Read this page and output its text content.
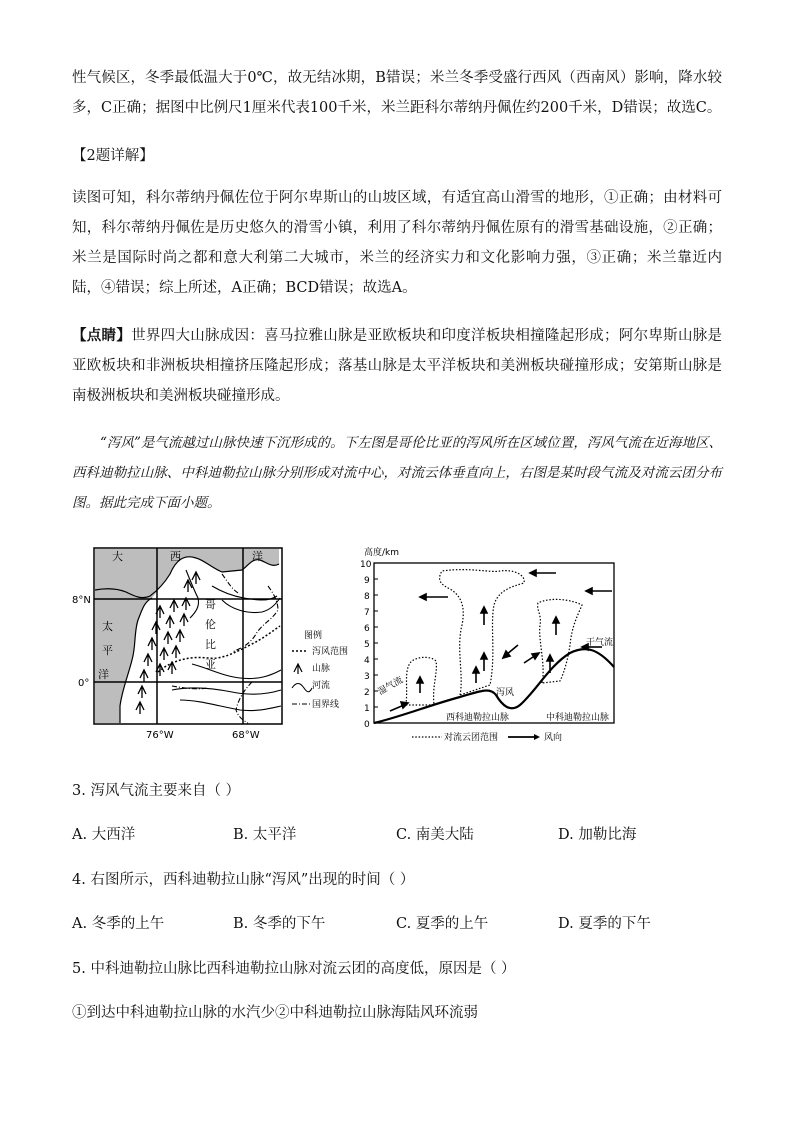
性气候区，冬季最低温大于0℃，故无结冰期，B错误；米兰冬季受盛行西风（西南风）影响，降水较多，C正确；据图中比例尺1厘米代表100千米，米兰距科尔蒂纳丹佩佐约200千米，D错误；故选C。

【2题详解】

读图可知，科尔蒂纳丹佩佐位于阿尔卑斯山的山坡区域，有适宜高山滑雪的地形，①正确；由材料可知，科尔蒂纳丹佩佐是历史悠久的滑雪小镇，利用了科尔蒂纳丹佩佐原有的滑雪基础设施，②正确；米兰是国际时尚之都和意大利第二大城市，米兰的经济实力和文化影响力强，③正确；米兰靠近内陆，④错误；综上所述，A正确；BCD错误；故选A。

【点睛】世界四大山脉成因：喜马拉雅山脉是亚欧板块和印度洋板块相撞隆起形成；阿尔卑斯山脉是亚欧板块和非洲板块相撞挤压隆起形成；落基山脉是太平洋板块和美洲板块碰撞形成；安第斯山脉是南极洲板块和美洲板块碰撞形成。

“泻风”是气流越过山脉快速下沉形成的。下左图是哥伦比亚的泻风所在区域位置，泻风气流在近海地区、西科迪勒拉山脉、中科迪勒拉山脉分别形成对流中心，对流云体垂直向上，右图是某时段气流及对流云团分布图。据此完成下面小题。

大	西	洋
太
平
洋
哥
伦
比
亚
8°N
0°
76°W	68°W
图例
泻风范围
山脉
河流
国界线
高度/km
10
9
8
7
6
5
4
3
2
1
0
湿气流	泻风
干气流
西科迪勒拉山脉	中科迪勒拉山脉
对流云团范围	风向

3. 泻风气流主要来自（ ）

A. 大西洋	B. 太平洋	C. 南美大陆	D. 加勒比海

4. 右图所示，西科迪勒拉山脉“泻风”出现的时间（ ）

A. 冬季的上午	B. 冬季的下午	C. 夏季的上午	D. 夏季的下午

5. 中科迪勒拉山脉比西科迪勒拉山脉对流云团的高度低，原因是（ ）

①到达中科迪勒拉山脉的水汽少②中科迪勒拉山脉海陆风环流弱
